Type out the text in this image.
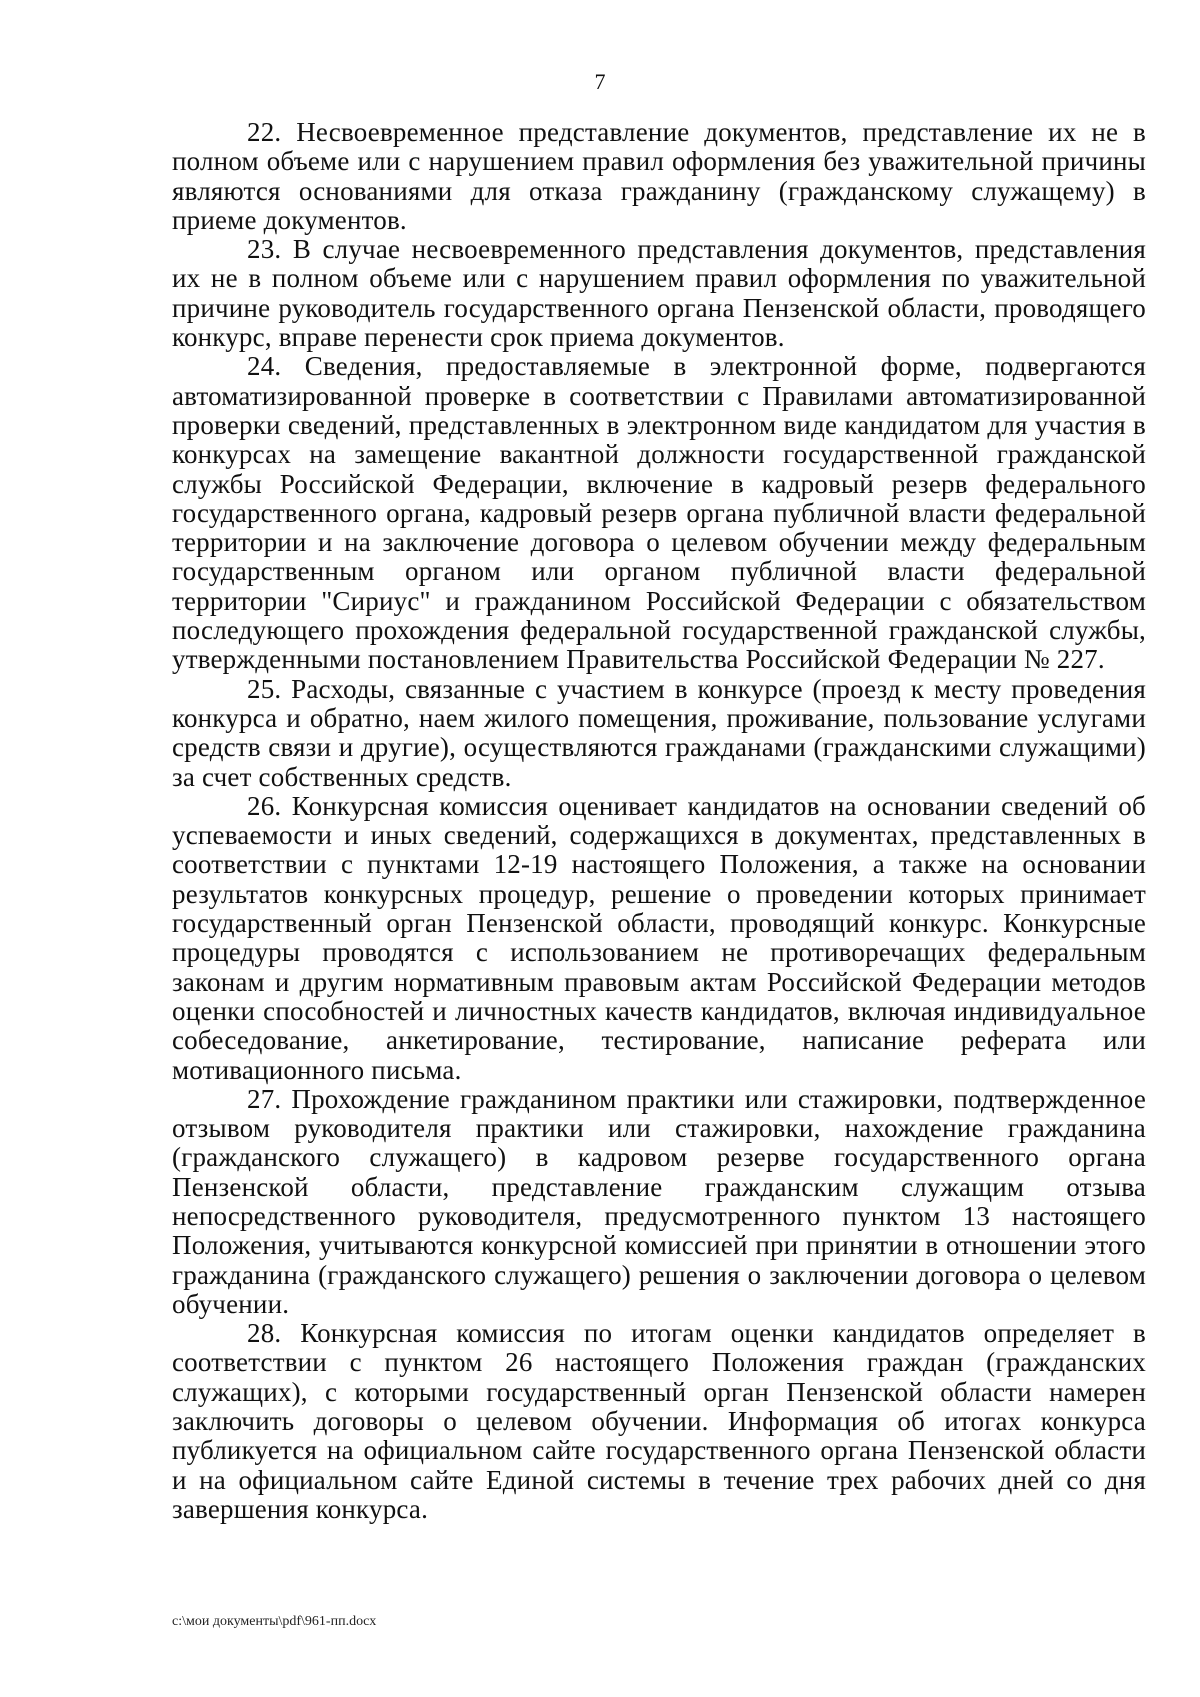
7

22. Несвоевременное представление документов, представление их не в полном объеме или с нарушением правил оформления без уважительной причины являются основаниями для отказа гражданину (гражданскому служащему) в приеме документов.

23. В случае несвоевременного представления документов, представления их не в полном объеме или с нарушением правил оформления по уважительной причине руководитель государственного органа Пензенской области, проводящего конкурс, вправе перенести срок приема документов.

24. Сведения, предоставляемые в электронной форме, подвергаются автоматизированной проверке в соответствии с Правилами автоматизированной проверки сведений, представленных в электронном виде кандидатом для участия в конкурсах на замещение вакантной должности государственной гражданской службы Российской Федерации, включение в кадровый резерв федерального государственного органа, кадровый резерв органа публичной власти федеральной территории и на заключение договора о целевом обучении между федеральным государственным органом или органом публичной власти федеральной территории "Сириус" и гражданином Российской Федерации с обязательством последующего прохождения федеральной государственной гражданской службы, утвержденными постановлением Правительства Российской Федерации № 227.

25. Расходы, связанные с участием в конкурсе (проезд к месту проведения конкурса и обратно, наем жилого помещения, проживание, пользование услугами средств связи и другие), осуществляются гражданами (гражданскими служащими) за счет собственных средств.

26. Конкурсная комиссия оценивает кандидатов на основании сведений об успеваемости и иных сведений, содержащихся в документах, представленных в соответствии с пунктами 12-19 настоящего Положения, а также на основании результатов конкурсных процедур, решение о проведении которых принимает государственный орган Пензенской области, проводящий конкурс. Конкурсные процедуры проводятся с использованием не противоречащих федеральным законам и другим нормативным правовым актам Российской Федерации методов оценки способностей и личностных качеств кандидатов, включая индивидуальное собеседование, анкетирование, тестирование, написание реферата или мотивационного письма.

27. Прохождение гражданином практики или стажировки, подтвержденное отзывом руководителя практики или стажировки, нахождение гражданина (гражданского служащего) в кадровом резерве государственного органа Пензенской области, представление гражданским служащим отзыва непосредственного руководителя, предусмотренного пунктом 13 настоящего Положения, учитываются конкурсной комиссией при принятии в отношении этого гражданина (гражданского служащего) решения о заключении договора о целевом обучении.

28. Конкурсная комиссия по итогам оценки кандидатов определяет в соответствии с пунктом 26 настоящего Положения граждан (гражданских служащих), с которыми государственный орган Пензенской области намерен заключить договоры о целевом обучении. Информация об итогах конкурса публикуется на официальном сайте государственного органа Пензенской области и на официальном сайте Единой системы в течение трех рабочих дней со дня завершения конкурса.

c:\мои документы\pdf\961-пп.docx
